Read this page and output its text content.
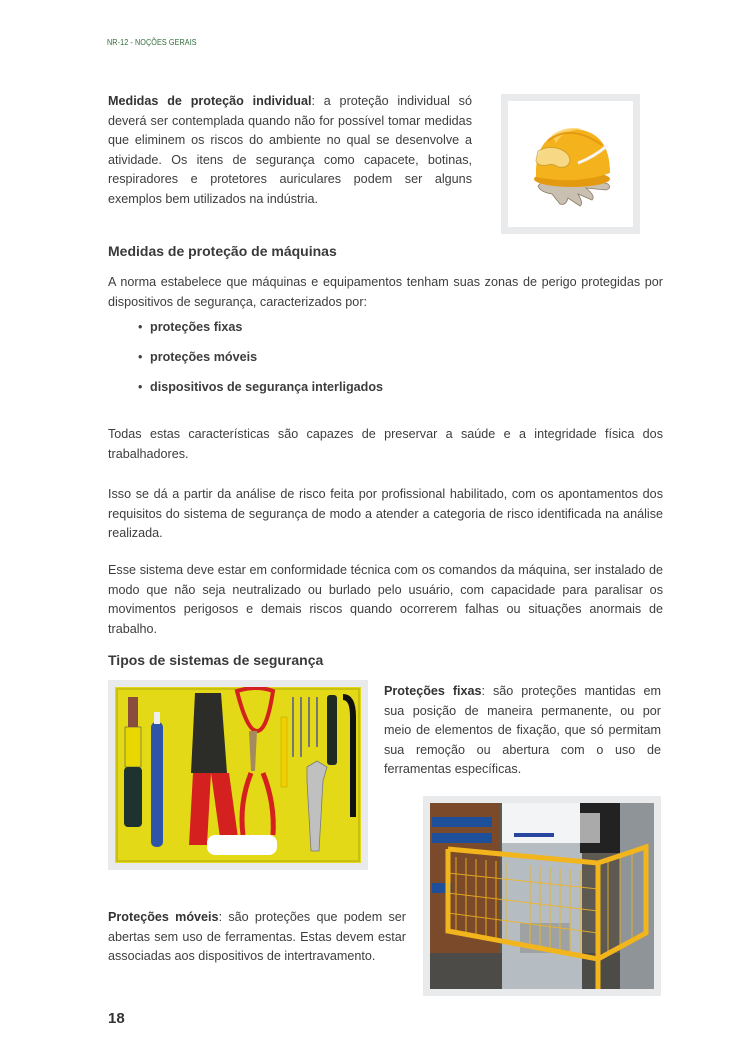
NR-12 - NOÇÕES GERAIS

Medidas de proteção individual: a proteção individual só deverá ser contemplada quando não for possível tomar medidas que eliminem os riscos do ambiente no qual se desenvolve a atividade. Os itens de segurança como capacete, botinas, respiradores e protetores auriculares podem ser alguns exemplos bem utilizados na indústria.

Medidas de proteção de máquinas

A norma estabelece que máquinas e equipamentos tenham suas zonas de perigo protegidas por dispositivos de segurança, caracterizados por:

• proteções fixas
• proteções móveis
• dispositivos de segurança interligados

Todas estas características são capazes de preservar a saúde e a integridade física dos trabalhadores.

Isso se dá a partir da análise de risco feita por profissional habilitado, com os apontamentos dos requisitos do sistema de segurança de modo a atender a categoria de risco identificada na análise realizada.

Esse sistema deve estar em conformidade técnica com os comandos da máquina, ser instalado de modo que não seja neutralizado ou burlado pelo usuário, com capacidade para paralisar os movimentos perigosos e demais riscos quando ocorrerem falhas ou situações anormais de trabalho.

Tipos de sistemas de segurança

Proteções fixas: são proteções mantidas em sua posição de maneira permanente, ou por meio de elementos de fixação, que só permitam sua remoção ou abertura com o uso de ferramentas específicas.

Proteções móveis: são proteções que podem ser abertas sem uso de ferramentas. Estas devem estar associadas aos dispositivos de intertravamento.

18
